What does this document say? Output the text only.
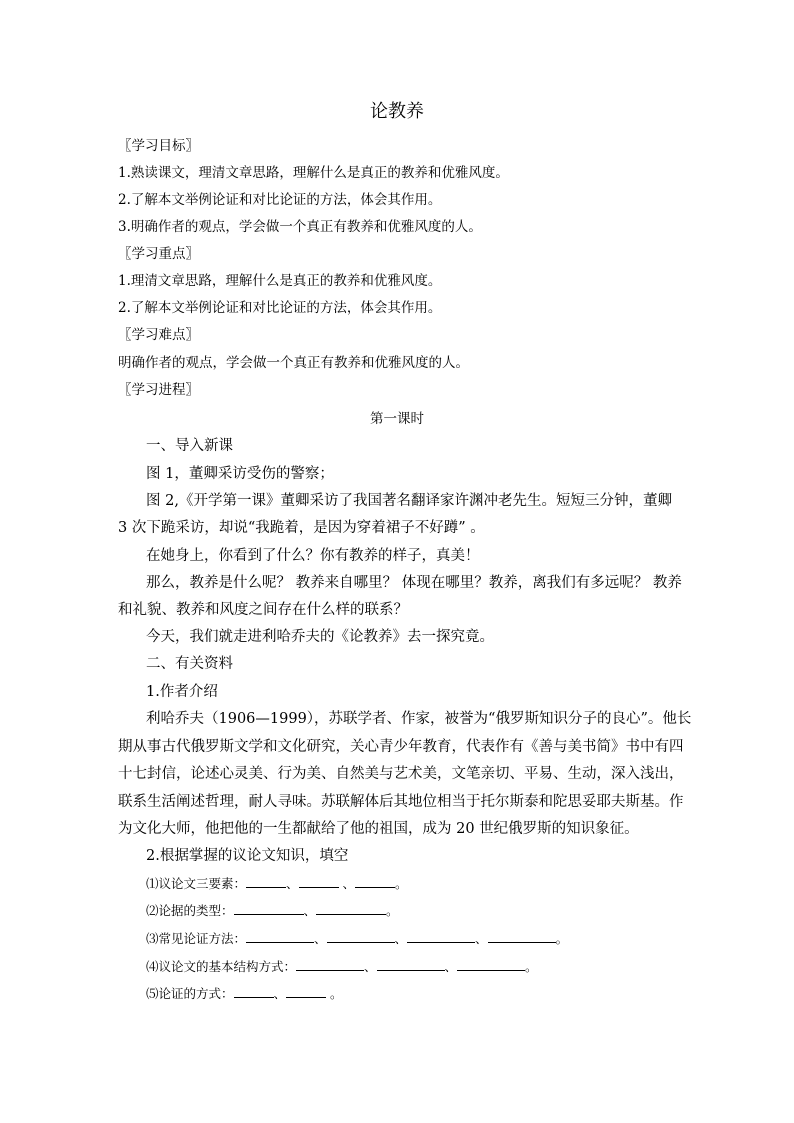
论教养
〖学习目标〗
1.熟读课文，理清文章思路，理解什么是真正的教养和优雅风度。
2.了解本文举例论证和对比论证的方法，体会其作用。
3.明确作者的观点，学会做一个真正有教养和优雅风度的人。
〖学习重点〗
1.理清文章思路，理解什么是真正的教养和优雅风度。
2.了解本文举例论证和对比论证的方法，体会其作用。
〖学习难点〗
明确作者的观点，学会做一个真正有教养和优雅风度的人。
〖学习进程〗
第一课时
一、导入新课
图 1，董卿采访受伤的警察；
图 2,《开学第一课》董卿采访了我国著名翻译家许渊冲老先生。短短三分钟，董卿
3 次下跪采访，却说“我跪着，是因为穿着裙子不好蹲” 。
在她身上，你看到了什么？你有教养的样子，真美！
那么，教养是什么呢？ 教养来自哪里？ 体现在哪里？教养，离我们有多远呢？ 教养
和礼貌、教养和风度之间存在什么样的联系？
今天，我们就走进利哈乔夫的《论教养》去一探究竟。
二、有关资料
1.作者介绍
利哈乔夫（1906—1999），苏联学者、作家，被誉为“俄罗斯知识分子的良心”。他长
期从事古代俄罗斯文学和文化研究，关心青少年教育，代表作有《善与美书简》书中有四
十七封信，论述心灵美、行为美、自然美与艺术美，文笔亲切、平易、生动，深入浅出，
联系生活阐述哲理，耐人寻味。苏联解体后其地位相当于托尔斯泰和陀思妥耶夫斯基。作
为文化大师，他把他的一生都献给了他的祖国，成为 20 世纪俄罗斯的知识象征。
2.根据掌握的议论文知识，填空
⑴议论文三要素：	、	、	。
⑵论据的类型：	、	。
⑶常见论证方法：	、	、	、	。
⑷议论文的基本结构方式：	、	、	。
⑸论证的方式：	、	。
